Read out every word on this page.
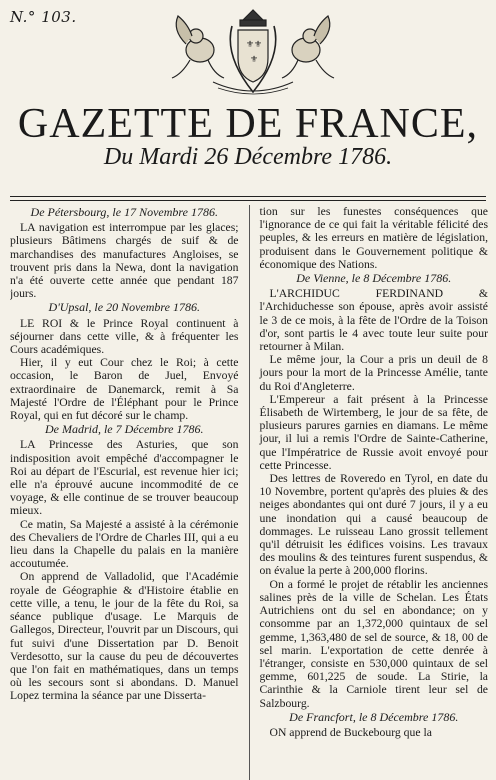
N.° 103.
⚜ ⚜
⚜
GAZETTE DE FRANCE,
Du Mardi 26 Décembre 1786.
De Pétersbourg, le 17 Novembre 1786.

LA navigation est interrompue par les glaces; plusieurs Bâtimens chargés de suif & de marchandises des manufactures Angloises, se trouvent pris dans la Newa, dont la navigation n'a été ouverte cette année que pendant 187 jours.

D'Upsal, le 20 Novembre 1786.

LE ROI & le Prince Royal continuent à séjourner dans cette ville, & à fréquenter les Cours académiques.

Hier, il y eut Cour chez le Roi; à cette occasion, le Baron de Juel, Envoyé extraordinaire de Danemarck, remit à Sa Majesté l'Ordre de l'Éléphant pour le Prince Royal, qui en fut décoré sur le champ.

De Madrid, le 7 Décembre 1786.

LA Princesse des Asturies, que son indisposition avoit empêché d'accompagner le Roi au départ de l'Escurial, est revenue hier ici; elle n'a éprouvé aucune incommodité de ce voyage, & elle continue de se trouver beaucoup mieux.

Ce matin, Sa Majesté a assisté à la cérémonie des Chevaliers de l'Ordre de Charles III, qui a eu lieu dans la Chapelle du palais en la manière accoutumée.

On apprend de Valladolid, que l'Académie royale de Géographie & d'Histoire établie en cette ville, a tenu, le jour de la fête du Roi, sa séance publique d'usage. Le Marquis de Gallegos, Directeur, l'ouvrit par un Discours, qui fut suivi d'une Dissertation par D. Benoit Verdesotto, sur la cause du peu de découvertes que l'on fait en mathématiques, dans un temps où les secours sont si abondans. D. Manuel Lopez termina la séance par une Disserta-

tion sur les funestes conséquences que l'ignorance de ce qui fait la véritable félicité des peuples, & les erreurs en matière de législation, produisent dans le Gouvernement politique & économique des Nations.

De Vienne, le 8 Décembre 1786.

L'ARCHIDUC FERDINAND & l'Archiduchesse son épouse, après avoir assisté le 3 de ce mois, à la fête de l'Ordre de la Toison d'or, sont partis le 4 avec toute leur suite pour retourner à Milan.

Le même jour, la Cour a pris un deuil de 8 jours pour la mort de la Princesse Amélie, tante du Roi d'Angleterre.

L'Empereur a fait présent à la Princesse Élisabeth de Wirtemberg, le jour de sa fête, de plusieurs parures garnies en diamans. Le même jour, il lui a remis l'Ordre de Sainte-Catherine, que l'Impératrice de Russie avoit envoyé pour cette Princesse.

Des lettres de Roveredo en Tyrol, en date du 10 Novembre, portent qu'après des pluies & des neiges abondantes qui ont duré 7 jours, il y a eu une inondation qui a causé beaucoup de dommages. Le ruisseau Lano grossit tellement qu'il détruisit les édifices voisins. Les travaux des moulins & des teintures furent suspendus, & on évalue la perte à 200,000 florins.

On a formé le projet de rétablir les anciennes salines près de la ville de Schelan. Les États Autrichiens ont du sel en abondance; on y consomme par an 1,372,000 quintaux de sel gemme, 1,363,480 de sel de source, & 18, 00 de sel marin. L'exportation de cette denrée à l'étranger, consiste en 530,000 quintaux de sel gemme, 601,225 de soude. La Stirie, la Carinthie & la Carniole tirent leur sel de Salzbourg.

De Francfort, le 8 Décembre 1786.

ON apprend de Buckebourg que la
